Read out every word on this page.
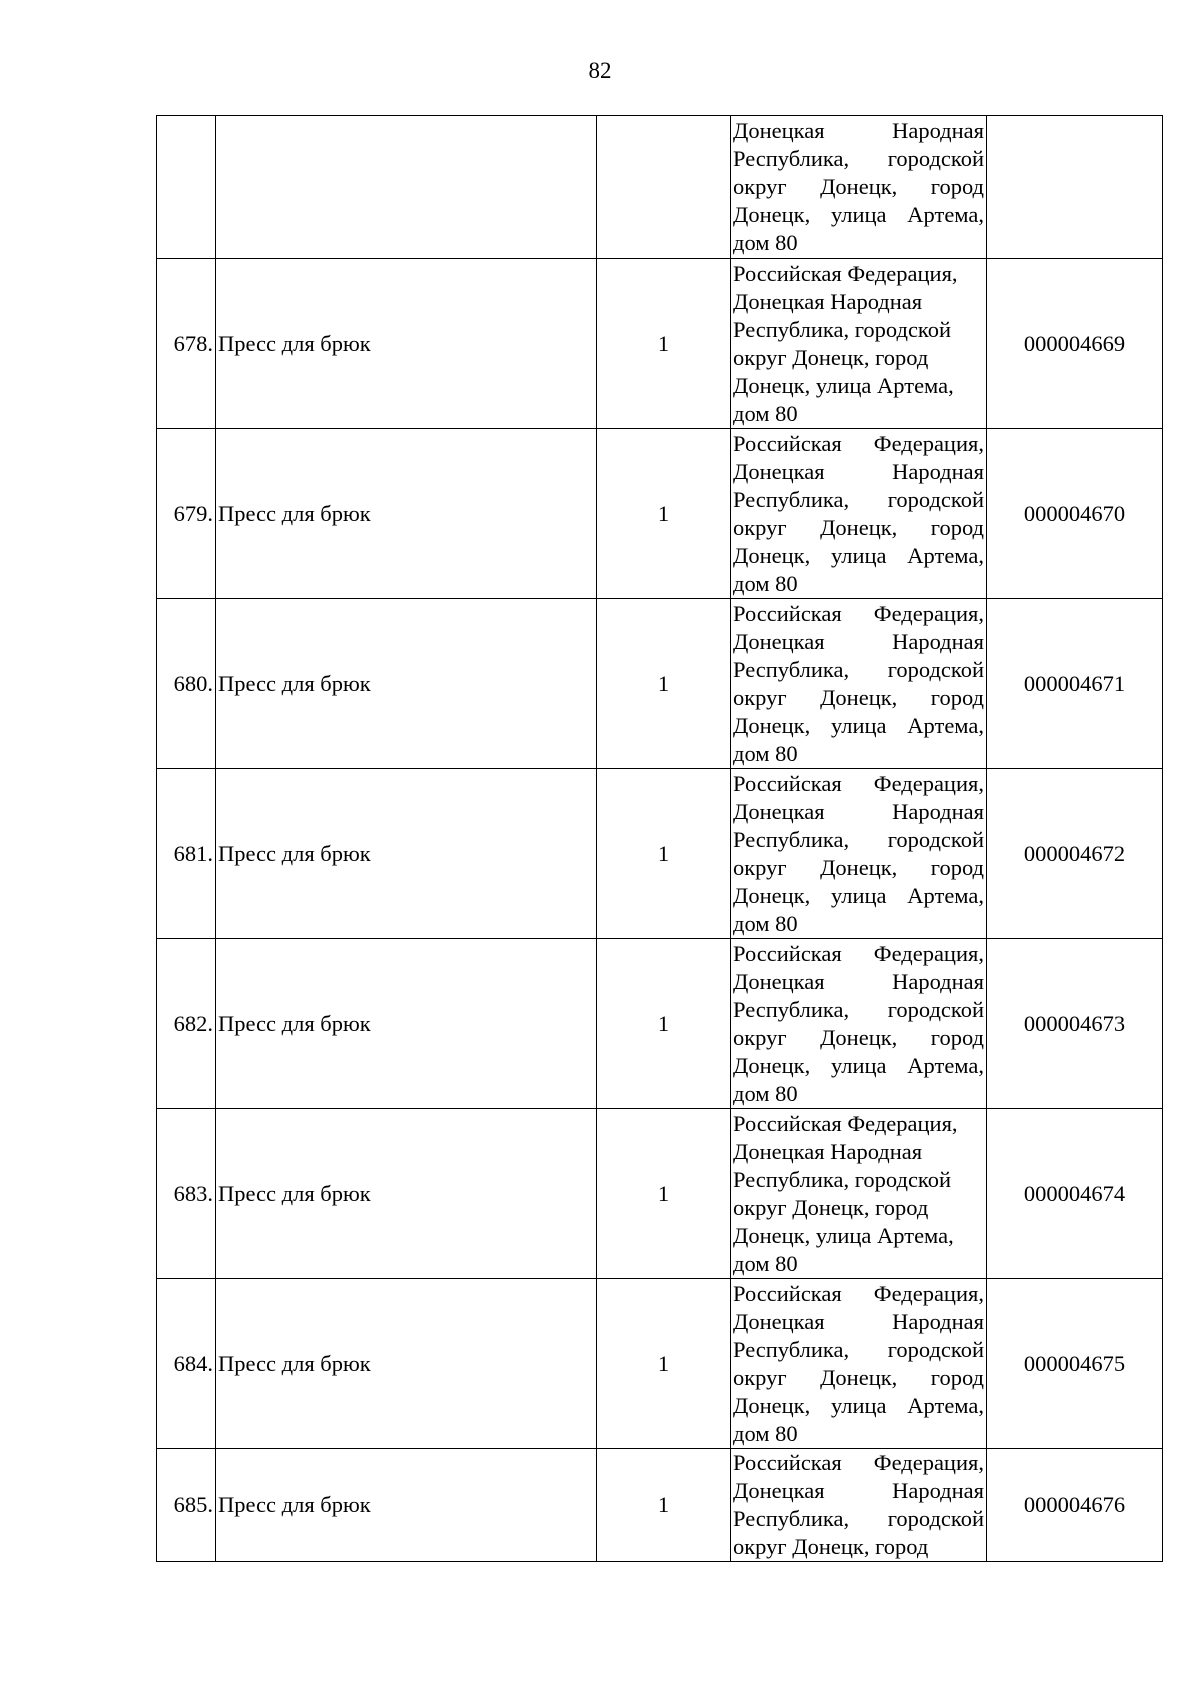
82

			Донецкая Народная Республика, городской округ Донецк, город Донецк, улица Артема, дом 80	

678.	Пресс для брюк	1	Российская Федерация, Донецкая Народная Республика, городской округ Донецк, город Донецк, улица Артема, дом 80	000004669
679.	Пресс для брюк	1	Российская Федерация, Донецкая Народная Республика, городской округ Донецк, город Донецк, улица Артема, дом 80	000004670
680.	Пресс для брюк	1	Российская Федерация, Донецкая Народная Республика, городской округ Донецк, город Донецк, улица Артема, дом 80	000004671
681.	Пресс для брюк	1	Российская Федерация, Донецкая Народная Республика, городской округ Донецк, город Донецк, улица Артема, дом 80	000004672
682.	Пресс для брюк	1	Российская Федерация, Донецкая Народная Республика, городской округ Донецк, город Донецк, улица Артема, дом 80	000004673
683.	Пресс для брюк	1	Российская Федерация, Донецкая Народная Республика, городской округ Донецк, город Донецк, улица Артема, дом 80	000004674
684.	Пресс для брюк	1	Российская Федерация, Донецкая Народная Республика, городской округ Донецк, город Донецк, улица Артема, дом 80	000004675
685.	Пресс для брюк	1	Российская Федерация, Донецкая Народная Республика, городской округ Донецк, город	000004676
